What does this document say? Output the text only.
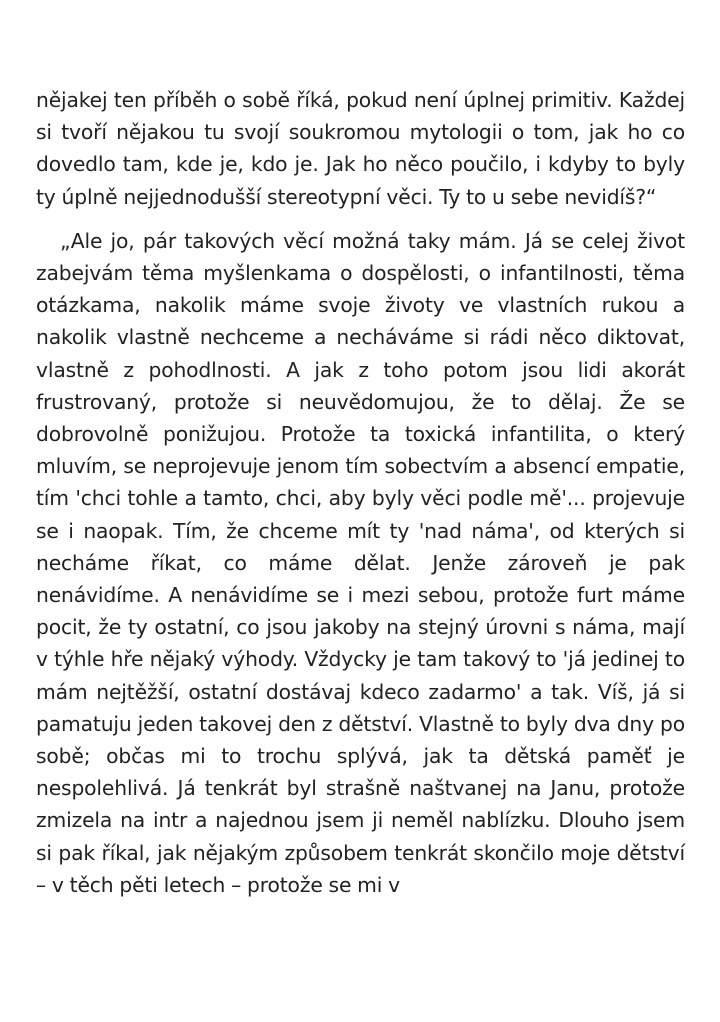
nějakej ten příběh o sobě říká, pokud není úplnej primitiv. Každej si tvoří nějakou tu svojí soukromou mytologii o tom, jak ho co dovedlo tam, kde je, kdo je. Jak ho něco poučilo, i kdyby to byly ty úplně nejjednodušší stereotypní věci. Ty to u sebe nevidíš?“

„Ale jo, pár takových věcí možná taky mám. Já se celej život zabejvám těma myšlenkama o dospělosti, o infantilnosti, těma otázkama, nakolik máme svoje životy ve vlastních rukou a nakolik vlastně nechceme a necháváme si rádi něco diktovat, vlastně z pohodlnosti. A jak z toho potom jsou lidi akorát frustrovaný, protože si neuvědomujou, že to dělaj. Že se dobrovolně ponižujou. Protože ta toxická infantilita, o který mluvím, se neprojevuje jenom tím sobectvím a absencí empatie, tím 'chci tohle a tamto, chci, aby byly věci podle mě'... projevuje se i naopak. Tím, že chceme mít ty 'nad náma', od kterých si necháme říkat, co máme dělat. Jenže zároveň je pak nenávidíme. A nenávidíme se i mezi sebou, protože furt máme pocit, že ty ostatní, co jsou jakoby na stejný úrovni s náma, mají v týhle hře nějaký výhody. Vždycky je tam takový to 'já jedinej to mám nejtěžší, ostatní dostávaj kdeco zadarmo' a tak. Víš, já si pamatuju jeden takovej den z dětství. Vlastně to byly dva dny po sobě; občas mi to trochu splývá, jak ta dětská paměť je nespolehlivá. Já tenkrát byl strašně naštvanej na Janu, protože zmizela na intr a najednou jsem ji neměl nablízku. Dlouho jsem si pak říkal, jak nějakým způsobem tenkrát skončilo moje dětství – v těch pěti letech – protože se mi v
